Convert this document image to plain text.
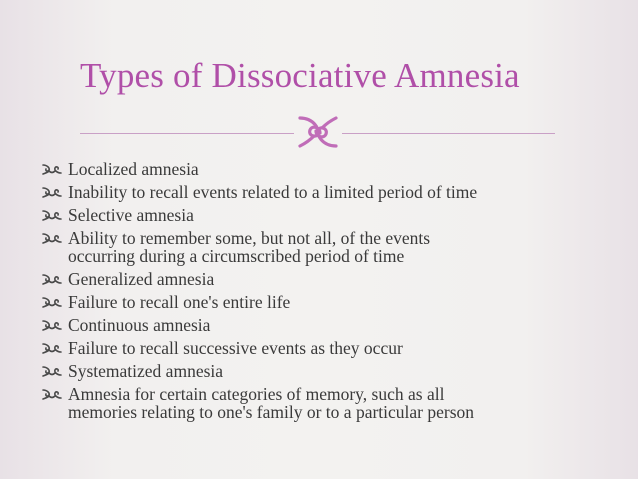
Types of Dissociative Amnesia
Localized amnesia
Inability to recall events related to a limited period of time
Selective amnesia
Ability to remember some, but not all, of the events
occurring during a circumscribed period of time
Generalized amnesia
Failure to recall one's entire life
Continuous amnesia
Failure to recall successive events as they occur
Systematized amnesia
Amnesia for certain categories of memory, such as all
memories relating to one's family or to a particular person
